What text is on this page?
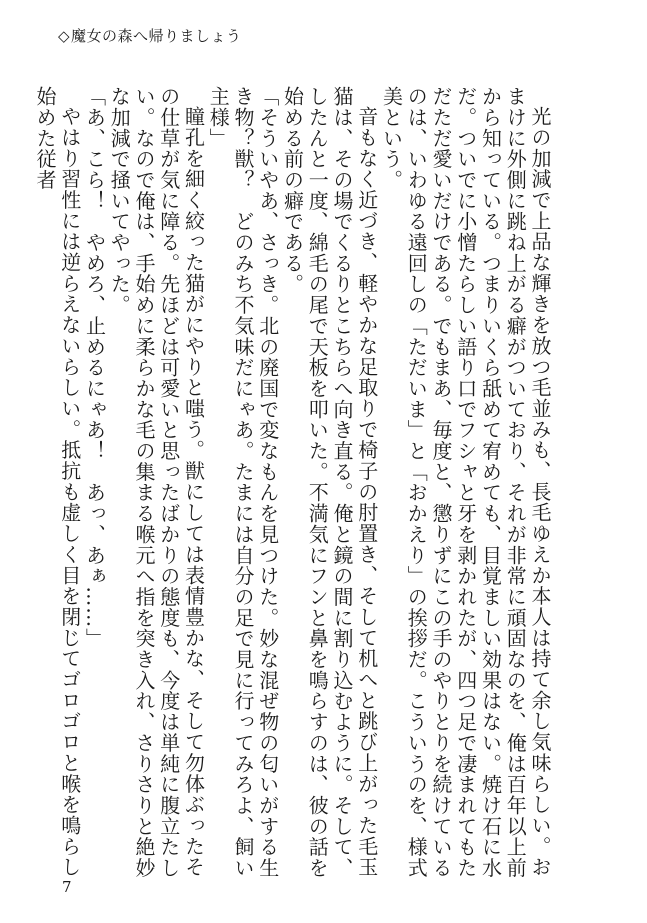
◇魔女の森へ帰りましょう

光の加減で上品な輝きを放つ毛並みも、長毛ゆえか本人は持て余し気味らしい。おまけに外側に跳ね上がる癖がついており、それが非常に頑固なのを、俺は百年以上前から知っている。つまりいくら舐めて宥めても、目覚ましい効果はない。焼け石に水だ。ついでに小憎たらしい語り口でフシャと牙を剥かれたが、四つ足で凄まれてもただただ愛いだけである。でもまあ、毎度と、懲りずにこの手のやりとりを続けているのは、いわゆる遠回しの「ただいま」と「おかえり」の挨拶だ。こういうのを、様式美という。

音もなく近づき、軽やかな足取りで椅子の肘置き、そして机へと跳び上がった毛玉猫は、その場でくるりとこちらへ向き直る。俺と鏡の間に割り込むように。そして、したんと一度、綿毛の尾で天板を叩いた。不満気にフンと鼻を鳴らすのは、彼の話を始める前の癖である。

「そういやあ、さっき。北の廃国で変なもんを見つけた。妙な混ぜ物の匂いがする生き物？獣？　どのみち不気味だにゃあ。たまには自分の足で見に行ってみろよ、飼い主様」

瞳孔を細く絞った猫がにやりと嗤う。獣にしては表情豊かな、そして勿体ぶったその仕草が気に障る。先ほどは可愛いと思ったばかりの態度も、今度は単純に腹立たしい。なので俺は、手始めに柔らかな毛の集まる喉元へ指を突き入れ、さりさりと絶妙な加減で掻いてやった。

「あ、こら！　やめろ、止めるにゃあ！　あっ、あぁ……」

やはり習性には逆らえないらしい。抵抗も虚しく目を閉じてゴロゴロと喉を鳴らし始めた従者

7
